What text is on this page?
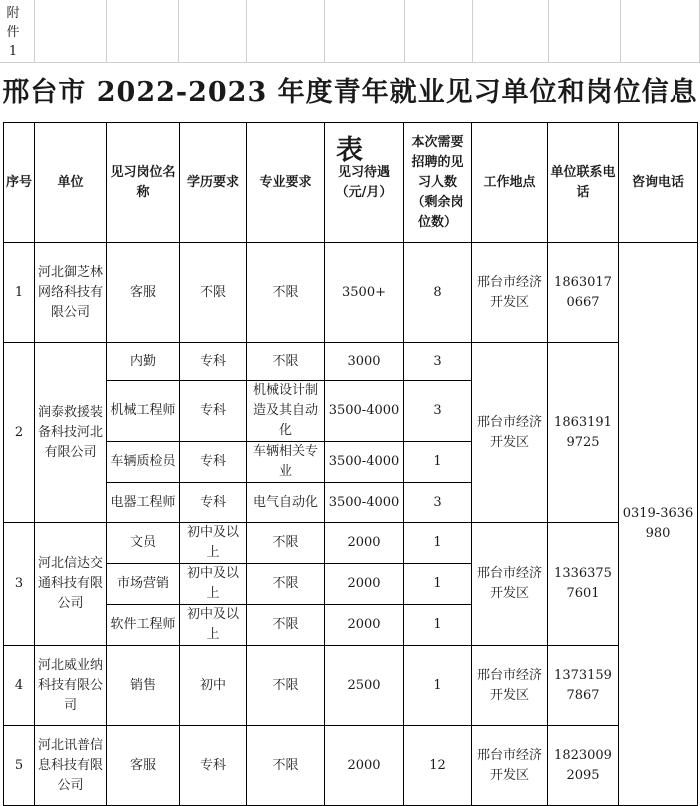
附件1
邢台市 2022-2023 年度青年就业见习单位和岗位信息表
序号	单位	见习岗位名称	学历要求	专业要求	见习待遇（元/月）	本次需要招聘的见习人数（剩余岗位数）	工作地点	单位联系电话	咨询电话
1	河北御芝林网络科技有限公司	客服	不限	不限	3500+	8	邢台市经济开发区	18630170667	0319-3636980
2	润泰救援装备科技河北有限公司	内勤	专科	不限	3000	3	邢台市经济开发区	18631919725	
		机械工程师	专科	机械设计制造及其自动化	3500-4000	3			
		车辆质检员	专科	车辆相关专业	3500-4000	1			
		电器工程师	专科	电气自动化	3500-4000	3			
3	河北信达交通科技有限公司	文员	初中及以上	不限	2000	1	邢台市经济开发区	13363757601	
		市场营销	初中及以上	不限	2000	1			
		软件工程师	初中及以上	不限	2000	1			
4	河北威业纳科技有限公司	销售	初中	不限	2500	1	邢台市经济开发区	13731597867	
5	河北讯普信息科技有限公司	客服	专科	不限	2000	12	邢台市经济开发区	18230092095	
